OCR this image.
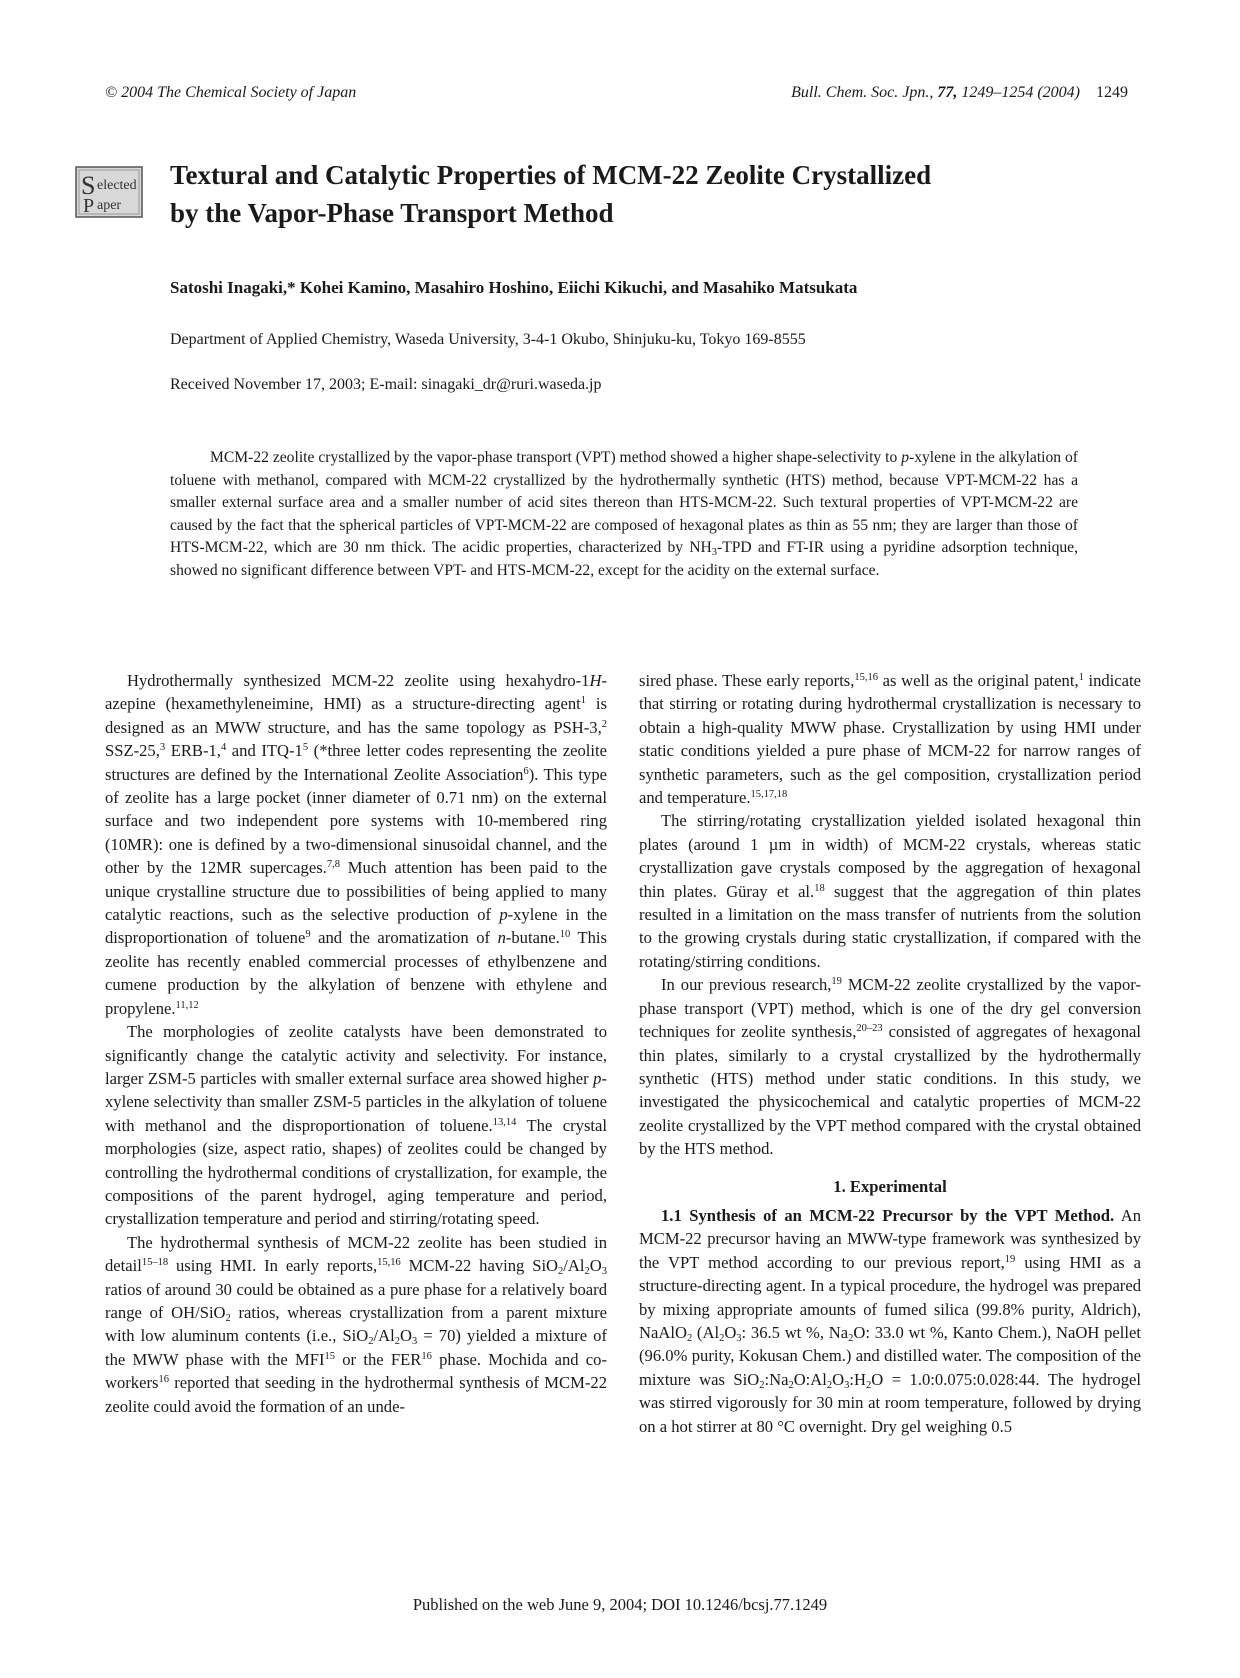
© 2004 The Chemical Society of Japan	Bull. Chem. Soc. Jpn., 77, 1249–1254 (2004) 1249
S elected
P aper
Textural and Catalytic Properties of MCM-22 Zeolite Crystallized
by the Vapor-Phase Transport Method
Satoshi Inagaki,* Kohei Kamino, Masahiro Hoshino, Eiichi Kikuchi, and Masahiko Matsukata
Department of Applied Chemistry, Waseda University, 3-4-1 Okubo, Shinjuku-ku, Tokyo 169-8555
Received November 17, 2003; E-mail: sinagaki_dr@ruri.waseda.jp

MCM-22 zeolite crystallized by the vapor-phase transport (VPT) method showed a higher shape-selectivity to p-xylene in the alkylation of toluene with methanol, compared with MCM-22 crystallized by the hydrothermally synthetic (HTS) method, because VPT-MCM-22 has a smaller external surface area and a smaller number of acid sites thereon than HTS-MCM-22. Such textural properties of VPT-MCM-22 are caused by the fact that the spherical particles of VPT-MCM-22 are composed of hexagonal plates as thin as 55 nm; they are larger than those of HTS-MCM-22, which are 30 nm thick. The acidic properties, characterized by $NH_3$-TPD and FT-IR using a pyridine adsorption technique, showed no significant difference between VPT- and HTS-MCM-22, except for the acidity on the external surface.

Hydrothermally synthesized MCM-22 zeolite using hexahydro-1H-azepine (hexamethyleneimine, HMI) as a structure-directing agent$^1$ is designed as an MWW structure, and has the same topology as PSH-3,$^2$ SSZ-25,$^3$ ERB-1,$^4$ and ITQ-$1^5$ (*three letter codes representing the zeolite structures are defined by the International Zeolite Association$^6$). This type of zeolite has a large pocket (inner diameter of 0.71 nm) on the external surface and two independent pore systems with 10-membered ring (10MR): one is defined by a two-dimensional sinusoidal channel, and the other by the 12MR supercages.$^{7,8}$ Much attention has been paid to the unique crystalline structure due to possibilities of being applied to many catalytic reactions, such as the selective production of p-xylene in the disproportionation of toluene$^9$ and the aromatization of n-butane.$^{10}$ This zeolite has recently enabled commercial processes of ethylbenzene and cumene production by the alkylation of benzene with ethylene and propylene.$^{11,12}$

The morphologies of zeolite catalysts have been demonstrated to significantly change the catalytic activity and selectivity. For instance, larger ZSM-5 particles with smaller external surface area showed higher p-xylene selectivity than smaller ZSM-5 particles in the alkylation of toluene with methanol and the disproportionation of toluene.$^{13,14}$ The crystal morphologies (size, aspect ratio, shapes) of zeolites could be changed by controlling the hydrothermal conditions of crystallization, for example, the compositions of the parent hydrogel, aging temperature and period, crystallization temperature and period and stirring/rotating speed.

The hydrothermal synthesis of MCM-22 zeolite has been studied in detail$^{15-18}$ using HMI. In early reports,$^{15,16}$ MCM-22 having $SiO_2/Al_2O_3$ ratios of around 30 could be obtained as a pure phase for a relatively board range of OH/SiO$_2$ ratios, whereas crystallization from a parent mixture with low aluminum contents (i.e., $SiO_2/Al_2O_3 = 70$) yielded a mixture of the MWW phase with the MFI$^{15}$ or the FER$^{16}$ phase. Mochida and co-workers$^{16}$ reported that seeding in the hydrothermal synthesis of MCM-22 zeolite could avoid the formation of an unde-

sired phase. These early reports,$^{15,16}$ as well as the original patent,$^1$ indicate that stirring or rotating during hydrothermal crystallization is necessary to obtain a high-quality MWW phase. Crystallization by using HMI under static conditions yielded a pure phase of MCM-22 for narrow ranges of synthetic parameters, such as the gel composition, crystallization period and temperature.$^{15,17,18}$

The stirring/rotating crystallization yielded isolated hexagonal thin plates (around 1 µm in width) of MCM-22 crystals, whereas static crystallization gave crystals composed by the aggregation of hexagonal thin plates. Güray et al.$^{18}$ suggest that the aggregation of thin plates resulted in a limitation on the mass transfer of nutrients from the solution to the growing crystals during static crystallization, if compared with the rotating/stirring conditions.

In our previous research,$^{19}$ MCM-22 zeolite crystallized by the vapor-phase transport (VPT) method, which is one of the dry gel conversion techniques for zeolite synthesis,$^{20-23}$ consisted of aggregates of hexagonal thin plates, similarly to a crystal crystallized by the hydrothermally synthetic (HTS) method under static conditions. In this study, we investigated the physicochemical and catalytic properties of MCM-22 zeolite crystallized by the VPT method compared with the crystal obtained by the HTS method.

1. Experimental

1.1 Synthesis of an MCM-22 Precursor by the VPT Method. An MCM-22 precursor having an MWW-type framework was synthesized by the VPT method according to our previous report,$^{19}$ using HMI as a structure-directing agent. In a typical procedure, the hydrogel was prepared by mixing appropriate amounts of fumed silica (99.8% purity, Aldrich), NaAlO$_2$ ($Al_2O_3$: 36.5 wt %, $Na_2O$: 33.0 wt %, Kanto Chem.), NaOH pellet (96.0% purity, Kokusan Chem.) and distilled water. The composition of the mixture was $SiO_2:Na_2O:Al_2O_3:H_2O$ = 1.0:0.075:0.028:44. The hydrogel was stirred vigorously for 30 min at room temperature, followed by drying on a hot stirrer at 80 °C overnight. Dry gel weighing 0.5

Published on the web June 9, 2004; DOI 10.1246/bcsj.77.1249
